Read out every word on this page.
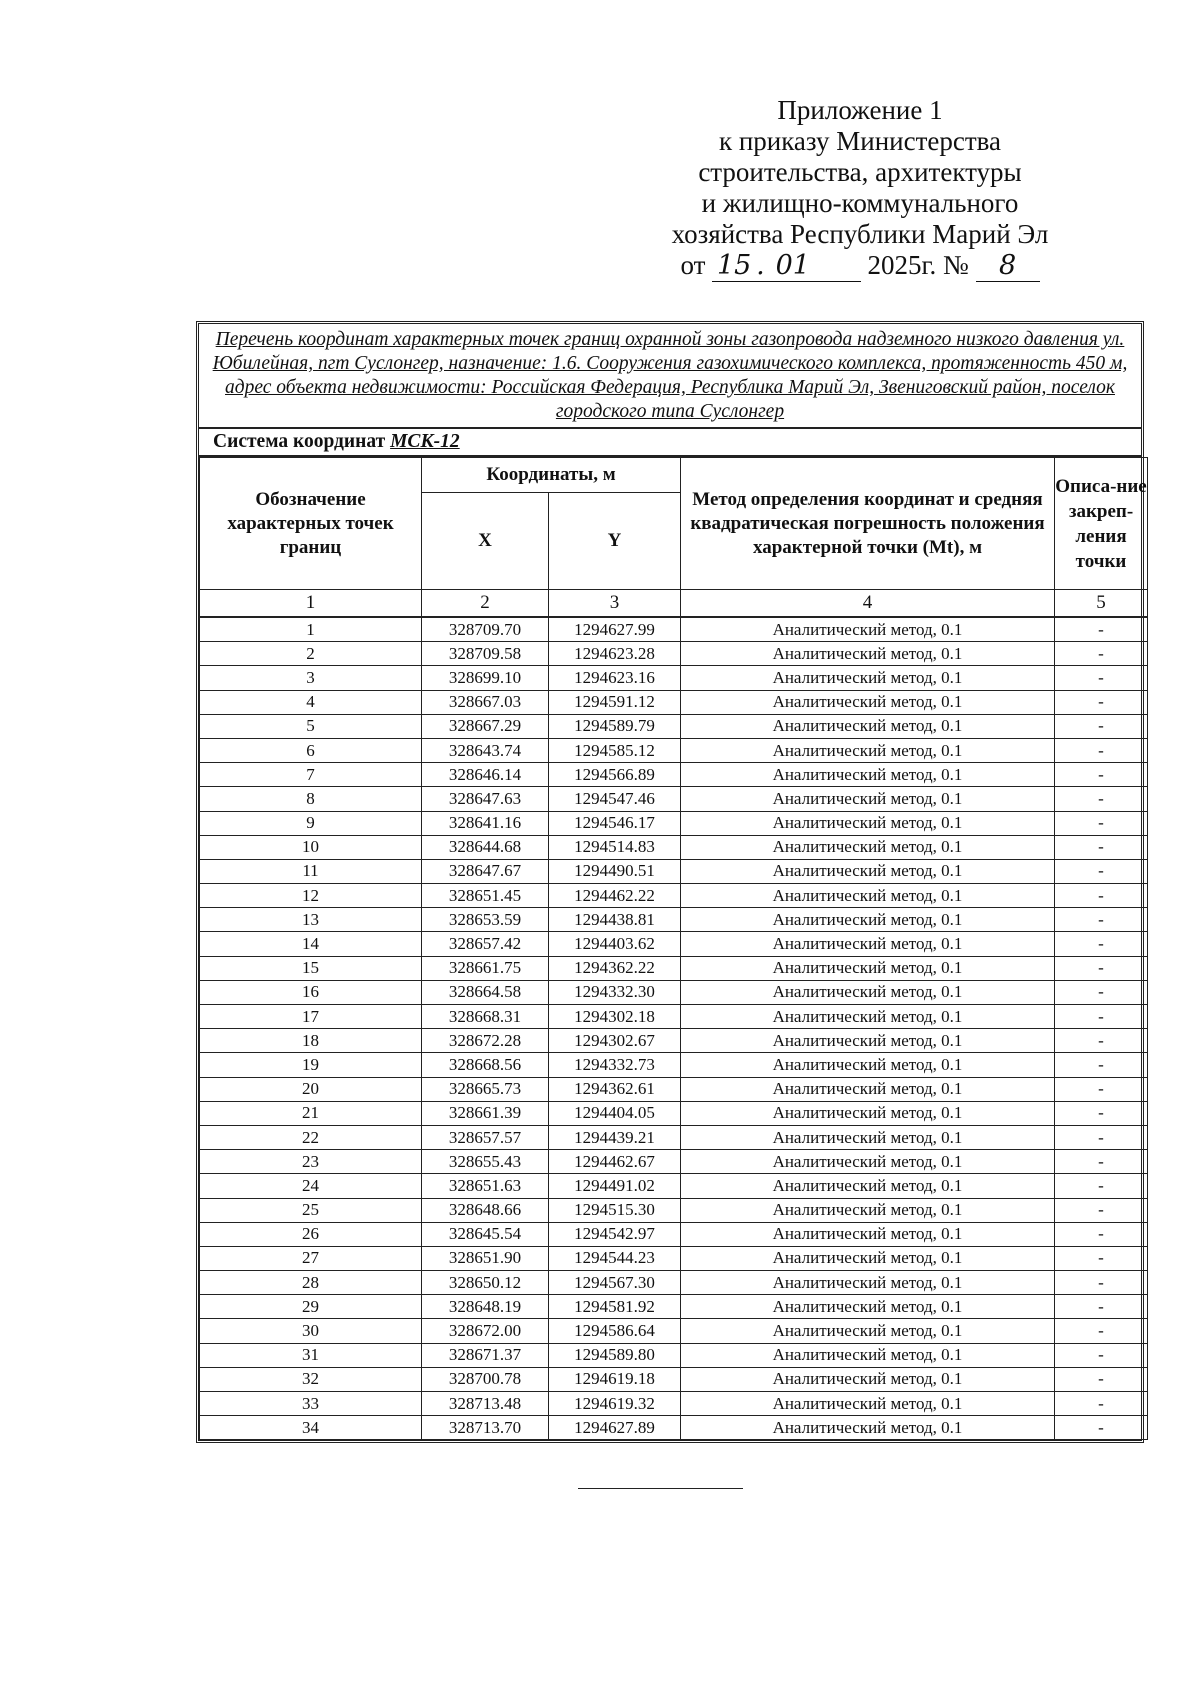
Приложение 1
к приказу Министерства
строительства, архитектуры
и жилищно-коммунального
хозяйства Республики Марий Эл
от 15 . 01 2025г. № 8
Перечень координат характерных точек границ охранной зоны газопровода надземного низкого давления ул. Юбилейная, пгт Суслонгер, назначение: 1.6. Сооружения газохимического комплекса, протяженность 450 м, адрес объекта недвижимости: Российская Федерация, Республика Марий Эл, Звениговский район, поселок городского типа Суслонгер
Система координат МСК-12
Обозначение характерных точек границ	Координаты, м		Метод определения координат и средняя квадратическая погрешность положения характерной точки (Mt), м	Описа-ние закреп-ления точки
	X	Y		
1	2	3	4	5
1	328709.70	1294627.99	Аналитический метод, 0.1	-
2	328709.58	1294623.28	Аналитический метод, 0.1	-
3	328699.10	1294623.16	Аналитический метод, 0.1	-
4	328667.03	1294591.12	Аналитический метод, 0.1	-
5	328667.29	1294589.79	Аналитический метод, 0.1	-
6	328643.74	1294585.12	Аналитический метод, 0.1	-
7	328646.14	1294566.89	Аналитический метод, 0.1	-
8	328647.63	1294547.46	Аналитический метод, 0.1	-
9	328641.16	1294546.17	Аналитический метод, 0.1	-
10	328644.68	1294514.83	Аналитический метод, 0.1	-
11	328647.67	1294490.51	Аналитический метод, 0.1	-
12	328651.45	1294462.22	Аналитический метод, 0.1	-
13	328653.59	1294438.81	Аналитический метод, 0.1	-
14	328657.42	1294403.62	Аналитический метод, 0.1	-
15	328661.75	1294362.22	Аналитический метод, 0.1	-
16	328664.58	1294332.30	Аналитический метод, 0.1	-
17	328668.31	1294302.18	Аналитический метод, 0.1	-
18	328672.28	1294302.67	Аналитический метод, 0.1	-
19	328668.56	1294332.73	Аналитический метод, 0.1	-
20	328665.73	1294362.61	Аналитический метод, 0.1	-
21	328661.39	1294404.05	Аналитический метод, 0.1	-
22	328657.57	1294439.21	Аналитический метод, 0.1	-
23	328655.43	1294462.67	Аналитический метод, 0.1	-
24	328651.63	1294491.02	Аналитический метод, 0.1	-
25	328648.66	1294515.30	Аналитический метод, 0.1	-
26	328645.54	1294542.97	Аналитический метод, 0.1	-
27	328651.90	1294544.23	Аналитический метод, 0.1	-
28	328650.12	1294567.30	Аналитический метод, 0.1	-
29	328648.19	1294581.92	Аналитический метод, 0.1	-
30	328672.00	1294586.64	Аналитический метод, 0.1	-
31	328671.37	1294589.80	Аналитический метод, 0.1	-
32	328700.78	1294619.18	Аналитический метод, 0.1	-
33	328713.48	1294619.32	Аналитический метод, 0.1	-
34	328713.70	1294627.89	Аналитический метод, 0.1	-
